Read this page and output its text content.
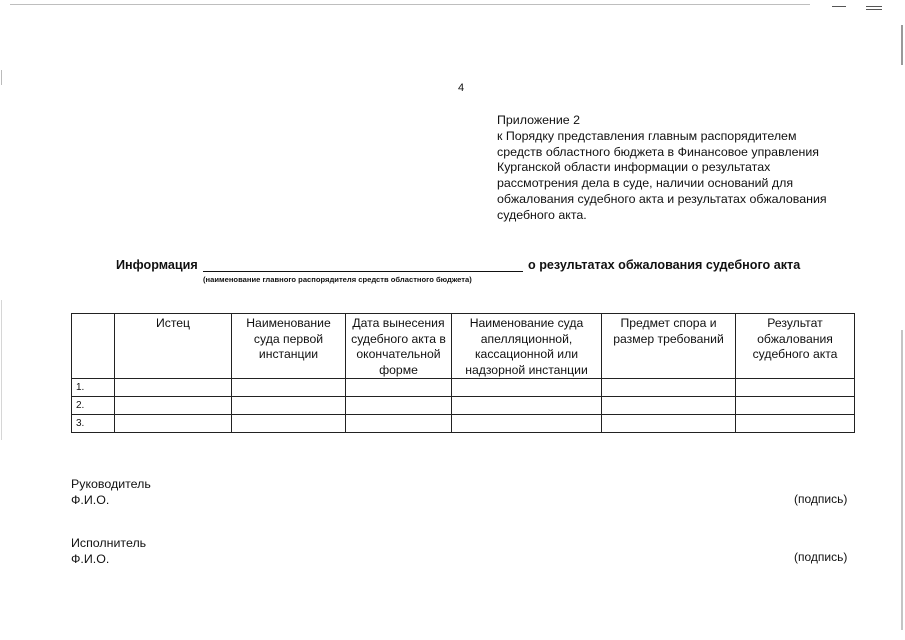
4
Приложение 2
к Порядку представления главным распорядителем
средств областного бюджета в Финансовое управления
Курганской области информации о результатах
рассмотрения дела в суде, наличии оснований для
обжалования судебного акта и результатах обжалования
судебного акта.
Информация	о результатах обжалования судебного акта
(наименование главного распорядителя средств областного бюджета)
	Истец	Наименование суда первой инстанции	Дата вынесения судебного акта в окончательной форме	Наименование суда апелляционной, кассационной или надзорной инстанции	Предмет спора и размер требований	Результат обжалования судебного акта
1.						
2.						
3.						
Руководитель
Ф.И.О.	(подпись)
Исполнитель
Ф.И.О.	(подпись)
